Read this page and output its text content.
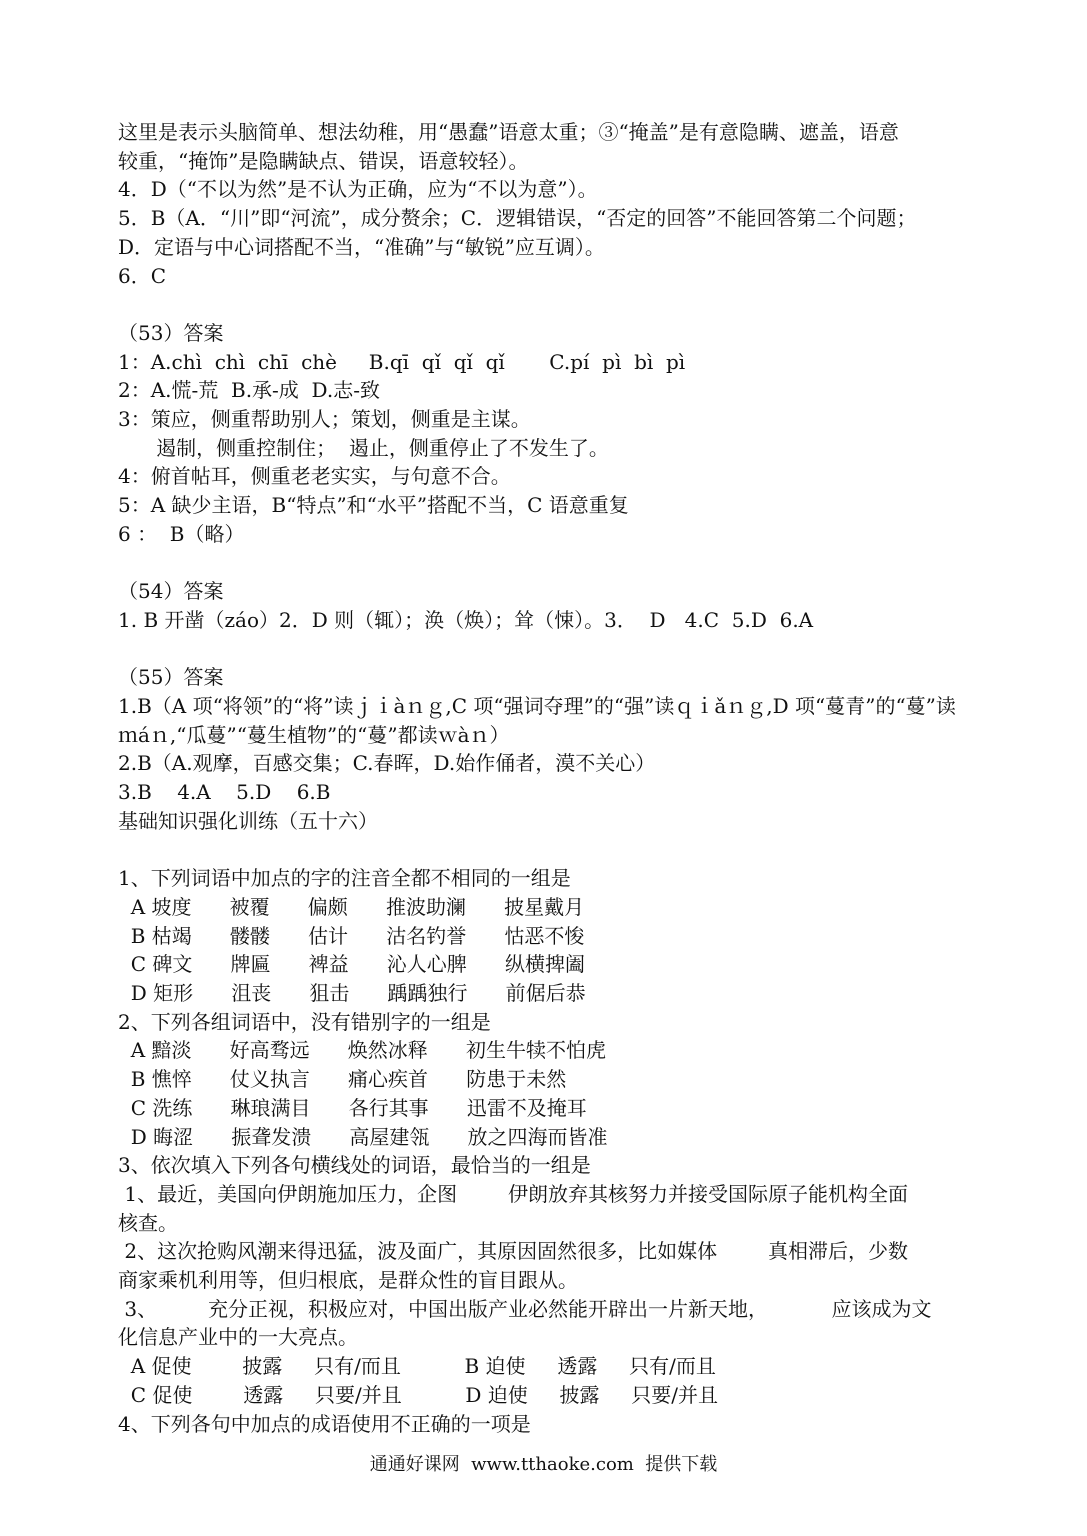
这里是表示头脑简单、想法幼稚，用“愚蠢”语意太重；③“掩盖”是有意隐瞒、遮盖，语意
较重，“掩饰”是隐瞒缺点、错误，语意较轻）。
4．D（“不以为然”是不认为正确，应为“不以为意”）。
5．B（A．“川”即“河流”，成分赘余；C．逻辑错误，“否定的回答”不能回答第二个问题；
D．定语与中心词搭配不当，“准确”与“敏锐”应互调）。
6．C
（53）答案
1：A.chì  chì  chī  chè     B.qī  qǐ  qǐ  qǐ       C.pí  pì  bì  pì
2：A.慌-荒  B.承-成  D.志-致
3：策应，侧重帮助别人；策划，侧重是主谋。
遏制，侧重控制住；  遏止，侧重停止了不发生了。
4：俯首帖耳，侧重老老实实，与句意不合。
5：A 缺少主语，B“特点”和“水平”搭配不当，C 语意重复
6 ：  B（略）
（54）答案
1. B 开凿（záo）2．D 则（辄）；涣（焕）；耸（悚）。3．  D   4.C  5.D  6.A
（55）答案
1.B（A 项“将领”的“将”读ｊｉàｎｇ,C 项“强词夺理”的“强”读ｑｉǎｎｇ,D 项“蔓青”的“蔓”读
ｍáｎ,“瓜蔓”“蔓生植物”的“蔓”都读ｗàｎ）
2.B（A.观摩，百感交集；C.春晖，D.始作俑者，漠不关心）
3.B    4.A    5.D    6.B
基础知识强化训练（五十六）
1、下列词语中加点的字的注音全都不相同的一组是
A 坡度      被覆      偏颇      推波助澜      披星戴月
B 枯竭      髅髅      估计      沽名钓誉      怙恶不悛
C 碑文      牌匾      裨益      沁人心脾      纵横捭阖
D 矩形      沮丧      狙击      踽踽独行      前倨后恭
2、下列各组词语中，没有错别字的一组是
A 黯淡      好高骛远      焕然冰释      初生牛犊不怕虎
B 憔悴      仗义执言      痛心疾首      防患于未然
C 洗练      琳琅满目      各行其事      迅雷不及掩耳
D 晦涩      振聋发溃      高屋建瓴      放之四海而皆准
3、依次填入下列各句横线处的词语，最恰当的一组是
1、最近，美国向伊朗施加压力，企图        伊朗放弃其核努力并接受国际原子能机构全面
核查。
2、这次抢购风潮来得迅猛，波及面广，其原因固然很多，比如媒体        真相滞后，少数
商家乘机利用等，但归根底，是群众性的盲目跟从。
3、        充分正视，积极应对，中国出版产业必然能开辟出一片新天地，          应该成为文
化信息产业中的一大亮点。
A 促使        披露     只有/而且          B 迫使     透露     只有/而且
C 促使        透露     只要/并且          D 迫使     披露     只要/并且
4、下列各句中加点的成语使用不正确的一项是
通通好课网  www.tthaoke.com  提供下载
